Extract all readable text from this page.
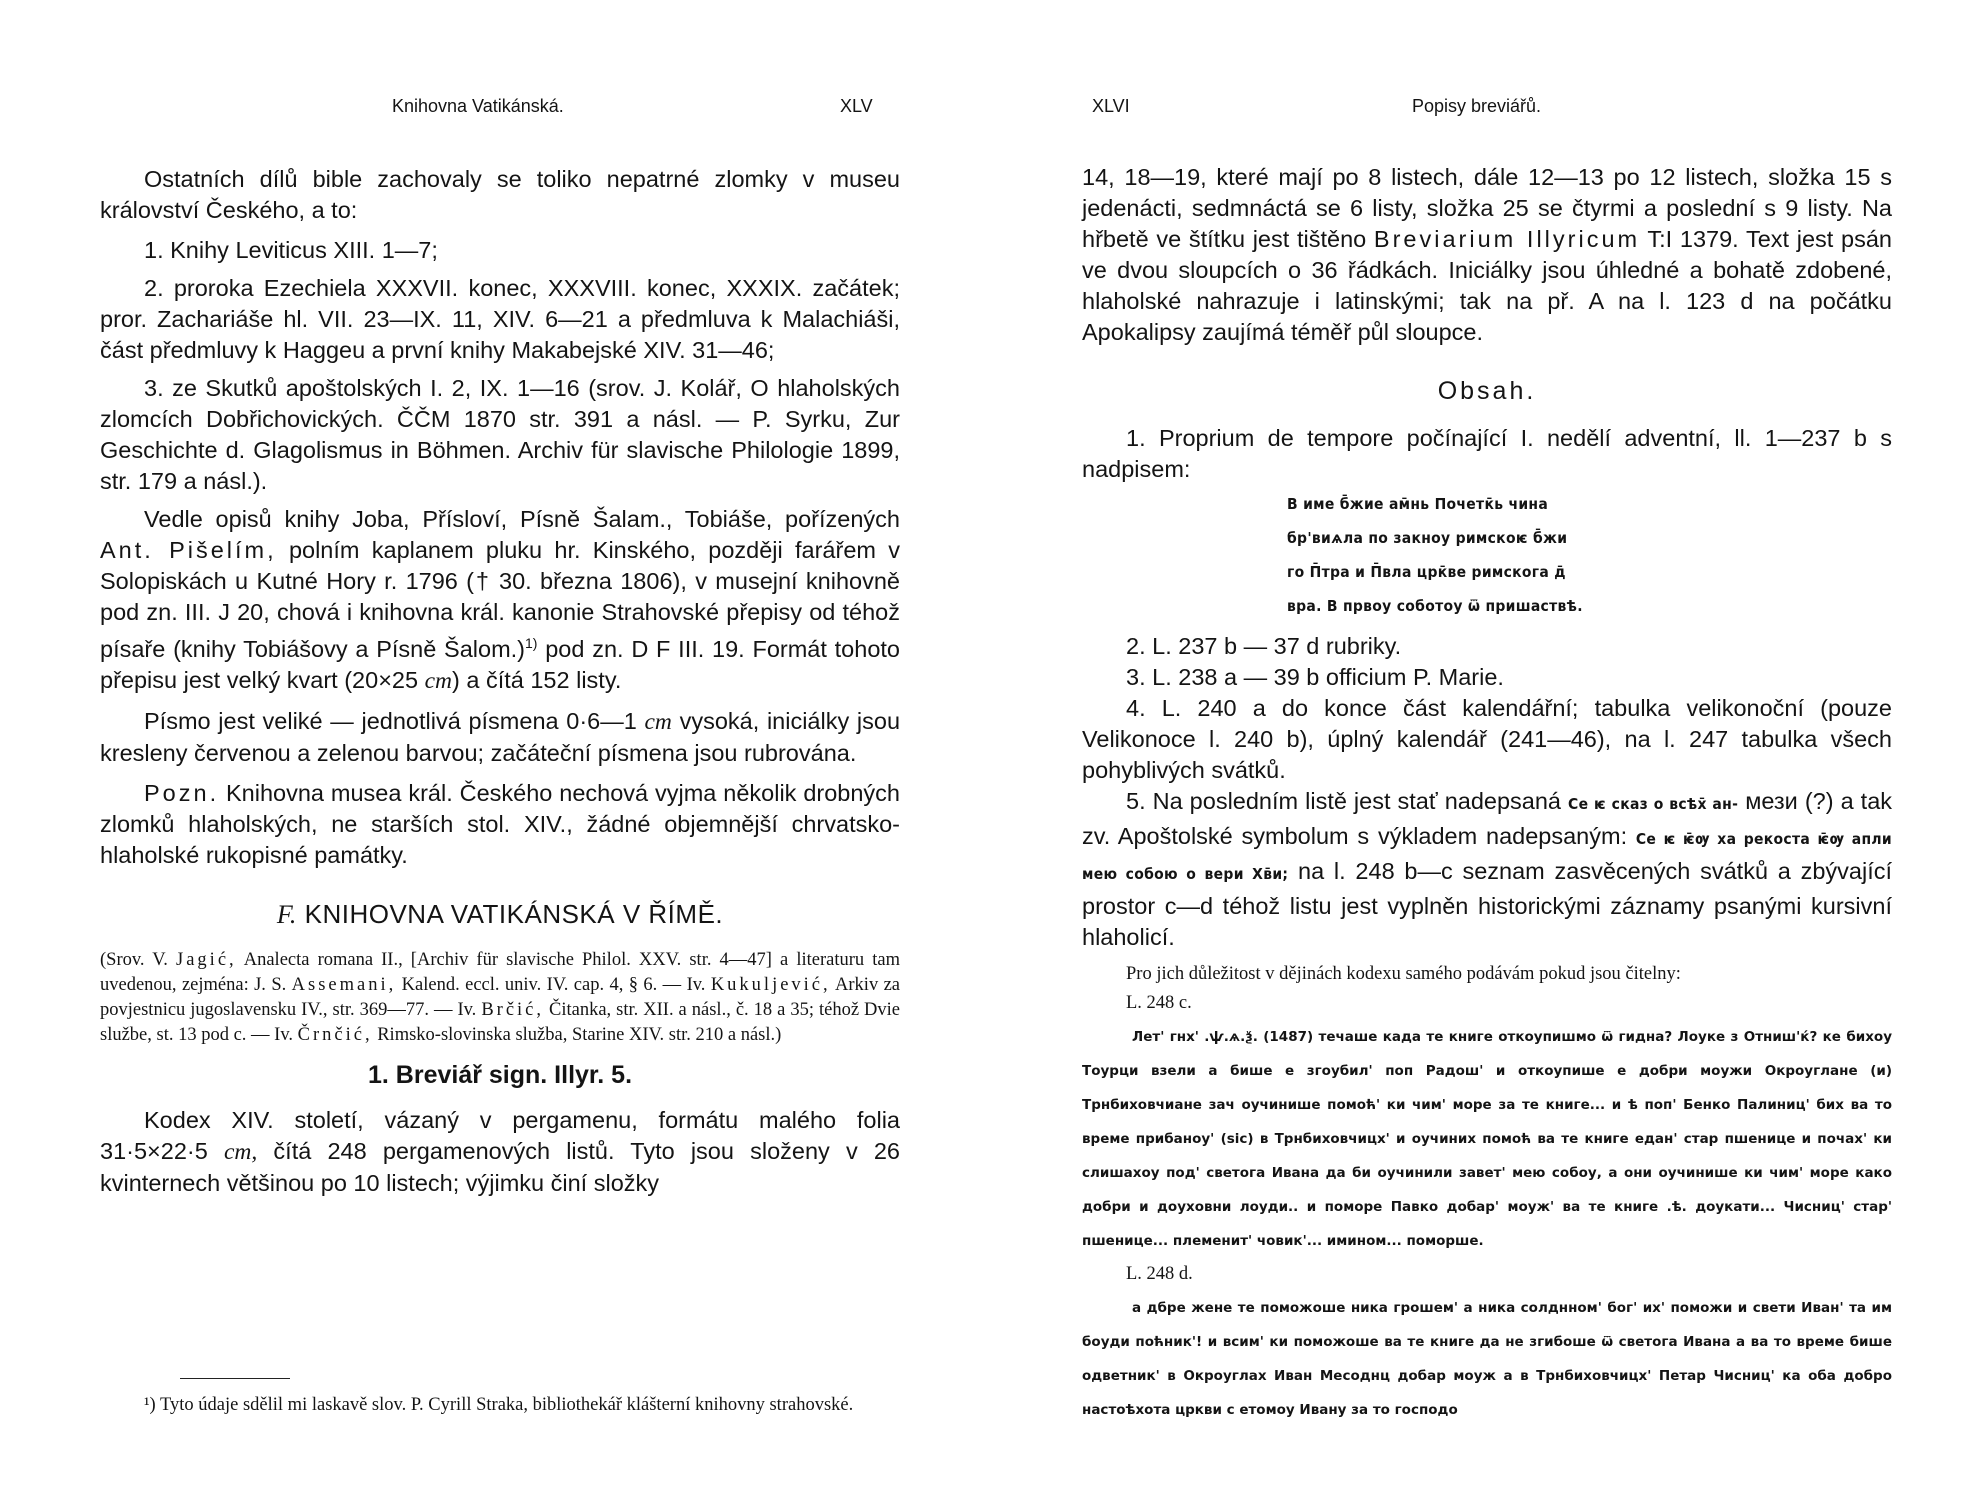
Knihovna Vatikánská.	XLV

Ostatních dílů bible zachovaly se toliko nepatrné zlomky v museu království Českého, a to:

1. Knihy Leviticus XIII. 1—7;

2. proroka Ezechiela XXXVII. konec, XXXVIII. konec, XXXIX. začátek; pror. Zachariáše hl. VII. 23—IX. 11, XIV. 6—21 a předmluva k Malachiáši, část předmluvy k Haggeu a první knihy Makabejské XIV. 31—46;

3. ze Skutků apoštolských I. 2, IX. 1—16 (srov. J. Kolář, O hlaholských zlomcích Dobřichovických. ČČM 1870 str. 391 a násl. — P. Syrku, Zur Geschichte d. Glagolismus in Böhmen. Archiv für slavische Philologie 1899, str. 179 a násl.).

Vedle opisů knihy Joba, Přísloví, Písně Šalam., Tobiáše, pořízených Ant. Pišelím, polním kaplanem pluku hr. Kinského, později farářem v Solopiskách u Kutné Hory r. 1796 († 30. března 1806), v musejní knihovně pod zn. III. J 20, chová i knihovna král. kanonie Strahovské přepisy od téhož písaře (knihy Tobiášovy a Písně Šalom.)$^{1)}$ pod zn. D F III. 19. Formát tohoto přepisu jest velký kvart (20×25 cm) a čítá 152 listy.

Písmo jest veliké — jednotlivá písmena 0·6—1 cm vysoká, iniciálky jsou kresleny červenou a zelenou barvou; začáteční písmena jsou rubrována.

Pozn. Knihovna musea král. Českého nechová vyjma několik drobných zlomků hlaholských, ne starších stol. XIV., žádné objemnější chrvatsko-hlaholské rukopisné památky.

F. KNIHOVNA VATIKÁNSKÁ V ŘÍMĚ.

(Srov. V. Jagić, Analecta romana II., [Archiv für slavische Philol. XXV. str. 4—47] a literaturu tam uvedenou, zejména: J. S. Assemani, Kalend. eccl. univ. IV. cap. 4, § 6. — Iv. Kukuljević, Arkiv za povjestnicu jugoslavensku IV., str. 369—77. — Iv. Brčić, Čitanka, str. XII. a násl., č. 18 a 35; téhož Dvie službe, st. 13 pod c. — Iv. Črnčić, Rimsko-slovinska služba, Starine XIV. str. 210 a násl.)

1. Breviář sign. Illyr. 5.

Kodex XIV. století, vázaný v pergamenu, formátu malého folia 31·5×22·5 cm, čítá 248 pergamenových listů. Tyto jsou složeny v 26 kvinternech většinou po 10 listech; výjimku činí složky

¹) Tyto údaje sdělil mi laskavě slov. P. Cyrill Straka, bibliothekář klášterní knihovny strahovské.
XLVI	Popisy breviářů.

14, 18—19, které mají po 8 listech, dále 12—13 po 12 listech, složka 15 s jedenácti, sedmnáctá se 6 listy, složka 25 se čtyrmi a poslední s 9 listy. Na hřbetě ve štítku jest tištěno Breviarium Illyricum T:I 1379. Text jest psán ve dvou sloupcích o 36 řádkách. Iniciálky jsou úhledné a bohatě zdobené, hlaholské nahrazuje i latinskými; tak na př. A na l. 123 d na počátku Apokalipsy zaujímá téměř půl sloupce.

Obsah.

1. Proprium de tempore počínající I. nedělí adventní, ll. 1—237 b s nadpisem:

В име б̄жие ам̄нь Почетк̄ь чина
бр'виѧла по закноу римскоѥ б̄жи
го П̄тра и П̄вла црк̄ве римскога д̄
вра. В првоу соботоу ѿ пришаствѣ.

2. L. 237 b — 37 d rubriky.

3. L. 238 a — 39 b officium P. Marie.

4. L. 240 a do konce část kalendářní; tabulka velikonoční (pouze Velikonoce l. 240 b), úplný kalendář (241—46), na l. 247 tabulka všech pohyblivých svátků.

5. Na posledním listě jest stať nadepsaná Се ѥ сказ о всѣх̄ ан- мези (?) a tak zv. Apoštolské symbolum s výkladem nadepsaným: Се ѥ ѥ̄ѹ ха рекоста ѥ̄ѹ апли мею собою о вери Хв̄и; na l. 248 b—c seznam zasvěcených svátků a zbývající prostor c—d téhož listu jest vyplněn historickými záznamy psanými kursivní hlaholicí.

Pro jich důležitost v dějinách kodexu samého podávám pokud jsou čitelny:

L. 248 c.

Лет' гнх' .ѱ.ѧ.ѯ. (1487) течаше када те книге откоупишмо ѿ гидна? Лоуке з Отниш'ќ? ке бихоу Тоурци взели а бише е згоубил' поп Радош' и откоупише е добри моужи Окроуглане (и) Трнбиховчиане зач оучинише помоћ' ки чим' море за те книге... и ѣ поп' Бенко Палиниц' бих ва то време прибаноу' (sic) в Трнбиховчицх' и оучиних помоћ ва те книге едан' стар пшенице и почах' ки слишахоу под' светога Ивана да би оучинили завет' мею собоу, а они оучинише ки чим' море како добри и доуховни лоуди.. и поморе Павко добар' моуж' ва те книге .ѣ. доукати... Чисниц' стар' пшенице... племенит' човик'... имином... поморше.

L. 248 d.

а дбре жене те поможоше ника грошем' а ника солднном' бог' их' поможи и свети Иван' та им боуди поћник'! и всим' ки поможоше ва те книге да не згибоше ѿ светога Ивана а ва то време бише одветник' в Окроуглах Иван Месоднц добар моуж а в Трнбиховчицх' Петар Чисниц' ка оба добро настоѣхота цркви с етомоу Ивану за то господо
